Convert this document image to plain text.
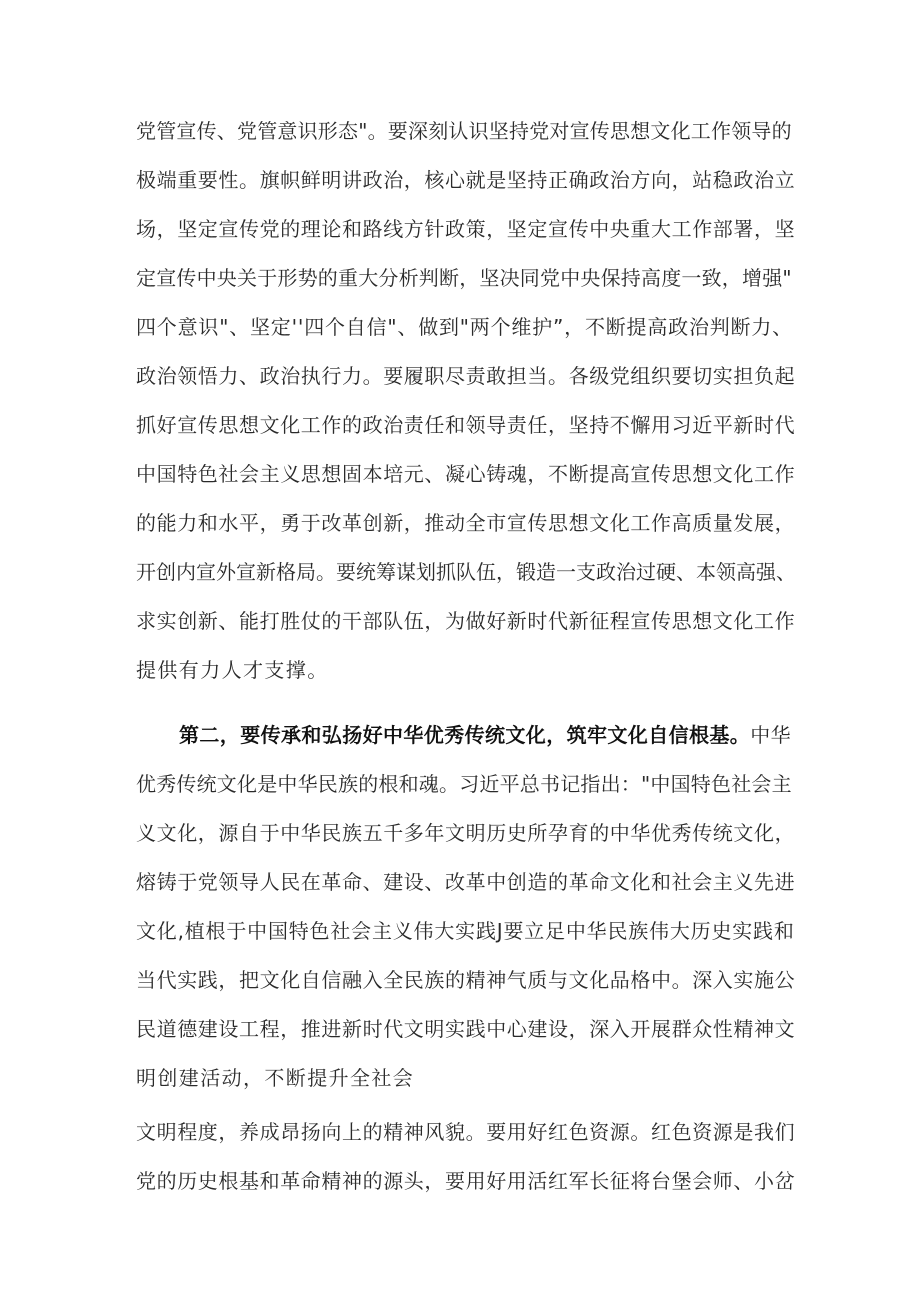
党管宣传、党管意识形态"。要深刻认识坚持党对宣传思想文化工作领导的

极端重要性。旗帜鲜明讲政治，核心就是坚持正确政治方向，站稳政治立

场，坚定宣传党的理论和路线方针政策，坚定宣传中央重大工作部署，坚

定宣传中央关于形势的重大分析判断，坚决同党中央保持高度一致，增强"

四个意识"、坚定''四个自信"、做到"两个维护”，不断提高政治判断力、

政治领悟力、政治执行力。要履职尽责敢担当。各级党组织要切实担负起

抓好宣传思想文化工作的政治责任和领导责任，坚持不懈用习近平新时代

中国特色社会主义思想固本培元、凝心铸魂，不断提高宣传思想文化工作

的能力和水平，勇于改革创新，推动全市宣传思想文化工作高质量发展，

开创内宣外宣新格局。要统筹谋划抓队伍，锻造一支政治过硬、本领高强、

求实创新、能打胜仗的干部队伍，为做好新时代新征程宣传思想文化工作

提供有力人才支撑。

第二，要传承和弘扬好中华优秀传统文化，筑牢文化自信根基。中华

优秀传统文化是中华民族的根和魂。习近平总书记指出："中国特色社会主

义文化，源自于中华民族五千多年文明历史所孕育的中华优秀传统文化，

熔铸于党领导人民在革命、建设、改革中创造的革命文化和社会主义先进

文化,植根于中国特色社会主义伟大实践J要立足中华民族伟大历史实践和

当代实践，把文化自信融入全民族的精神气质与文化品格中。深入实施公

民道德建设工程，推进新时代文明实践中心建设，深入开展群众性精神文

明创建活动，不断提升全社会

文明程度，养成昂扬向上的精神风貌。要用好红色资源。红色资源是我们

党的历史根基和革命精神的源头，要用好用活红军长征将台堡会师、小岔
